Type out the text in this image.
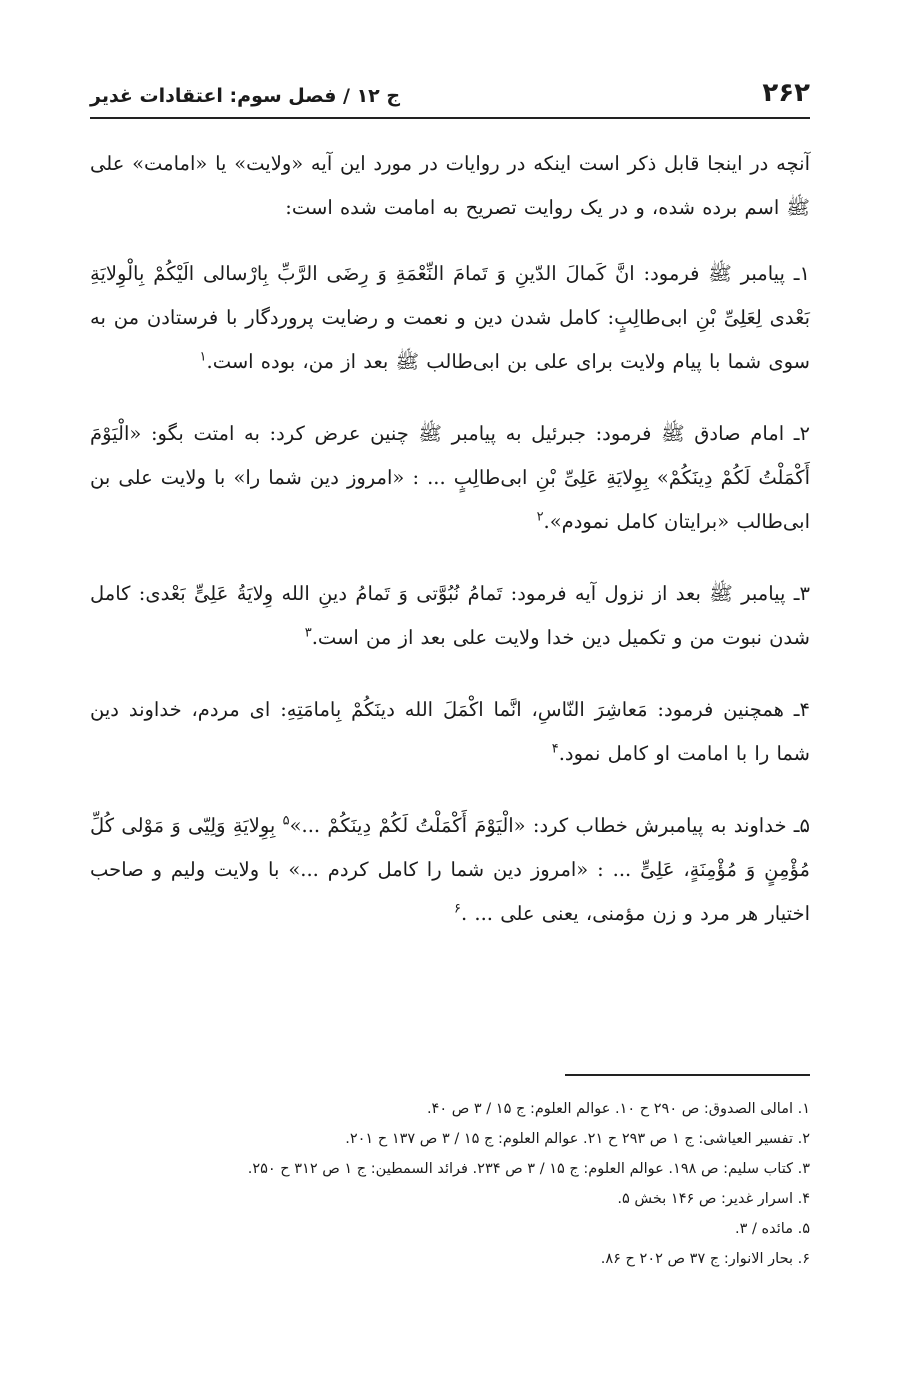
۲۶۲
ج ۱۲ / فصل سوم: اعتقادات غدیر

آنچه در اینجا قابل ذکر است اینکه در روایات در مورد این آیه «ولایت» یا «امامت» علی ﷺ اسم برده شده، و در یک روایت تصریح به امامت شده است:

۱ـ پیامبر ﷺ فرمود: انَّ کَمالَ الدّینِ وَ تَمامَ النِّعْمَةِ وَ رِضَی الرَّبِّ بِارْسالی الَیْکُمْ بِالْوِلایَةِ بَعْدی لِعَلِیِّ بْنِ ابی‌طالِبٍ: کامل شدن دین و نعمت و رضایت پروردگار با فرستادن من به سوی شما با پیام ولایت برای علی بن ابی‌طالب ﷺ بعد از من، بوده است.$^۱$

۲ـ امام صادق ﷺ فرمود: جبرئیل به پیامبر ﷺ چنین عرض کرد: به امتت بگو: «الْیَوْمَ أَکْمَلْتُ لَکُمْ دِینَکُمْ» بِوِلایَةِ عَلِیِّ بْنِ ابی‌طالِبٍ ... : «امروز دین شما را» با ولایت علی بن ابی‌طالب «برایتان کامل نمودم».$^۲$

۳ـ پیامبر ﷺ بعد از نزول آیه فرمود: تَمامُ نُبُوَّتی وَ تَمامُ دینِ الله وِلایَةُ عَلِیٍّ بَعْدی: کامل شدن نبوت من و تکمیل دین خدا ولایت علی بعد از من است.$^۳$

۴ـ همچنین فرمود: مَعاشِرَ النّاسِ، انَّما اکْمَلَ الله دینَکُمْ بِامامَتِهِ: ای مردم، خداوند دین شما را با امامت او کامل نمود.$^۴$

۵ـ خداوند به پیامبرش خطاب کرد: «الْیَوْمَ أَکْمَلْتُ لَکُمْ دِینَکُمْ ...»$^۵$ بِوِلایَةِ وَلِیّی وَ مَوْلی کُلِّ مُؤْمِنٍ وَ مُؤْمِنَةٍ، عَلِیٍّ ... : «امروز دین شما را کامل کردم ...» با ولایت ولیم و صاحب اختیار هر مرد و زن مؤمنی، یعنی علی ... .$^۶$

۱. امالی الصدوق: ص ۲۹۰ ح ۱۰. عوالم العلوم: ج ۱۵ / ۳ ص ۴۰.

۲. تفسیر العیاشی: ج ۱ ص ۲۹۳ ح ۲۱. عوالم العلوم: ج ۱۵ / ۳ ص ۱۳۷ ح ۲۰۱.

۳. کتاب سلیم: ص ۱۹۸. عوالم العلوم: ج ۱۵ / ۳ ص ۲۳۴. فرائد السمطین: ج ۱ ص ۳۱۲ ح ۲۵۰.

۴. اسرار غدیر: ص ۱۴۶ بخش ۵.

۵. مائده / ۳.

۶. بحار الانوار: ج ۳۷ ص ۲۰۲ ح ۸۶.
